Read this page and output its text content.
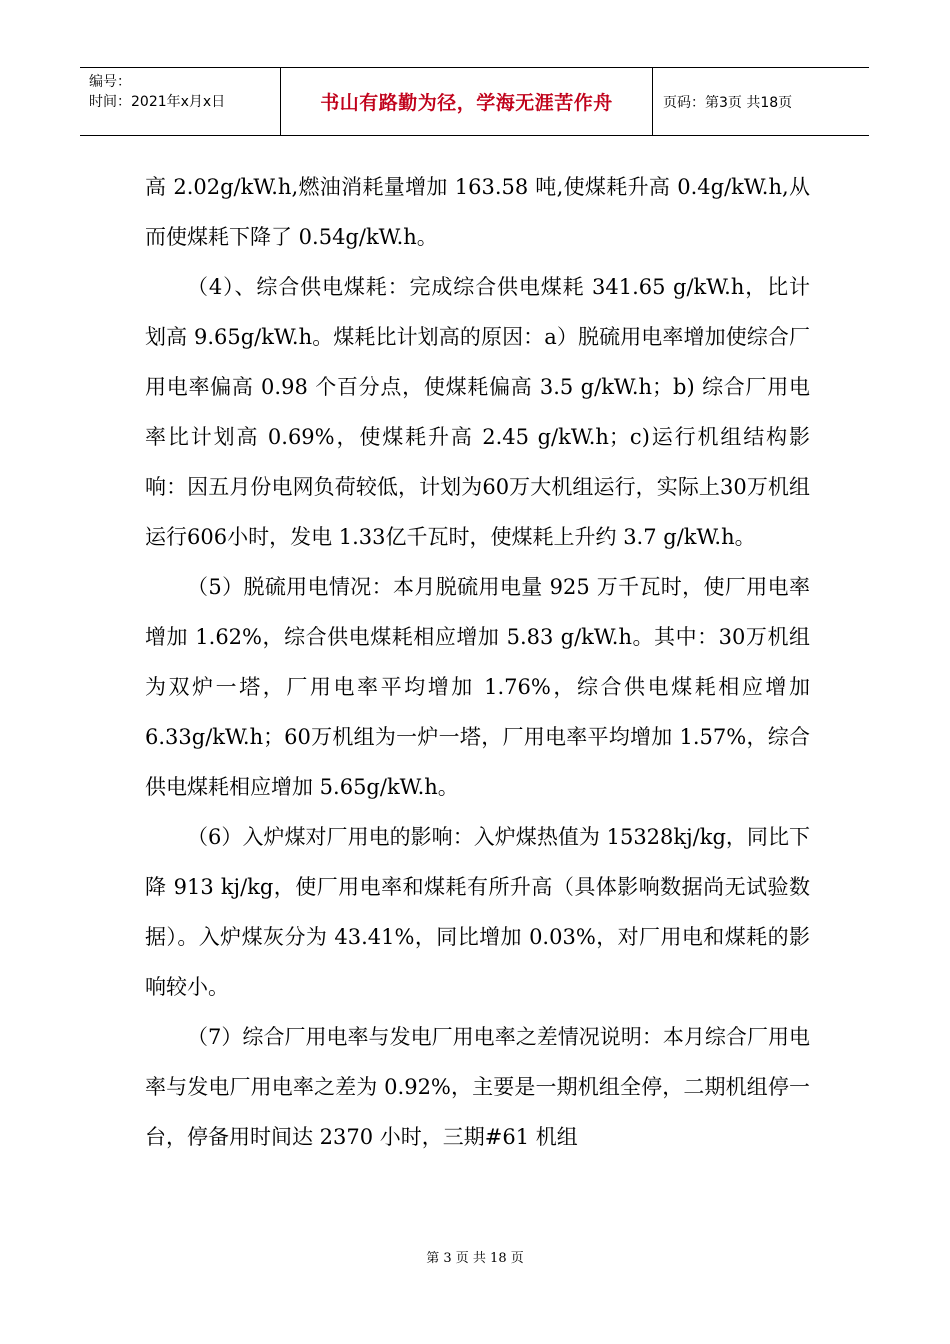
编号：
时间：2021年x月x日	书山有路勤为径，学海无涯苦作舟	页码：第3页 共18页

高 2.02g/kW.h,燃油消耗量增加 163.58 吨,使煤耗升高 0.4g/kW.h,从而使煤耗下降了 0.54g/kW.h。

（4）、综合供电煤耗：完成综合供电煤耗 341.65 g/kW.h，比计划高 9.65g/kW.h。煤耗比计划高的原因：a）脱硫用电率增加使综合厂用电率偏高 0.98 个百分点，使煤耗偏高 3.5 g/kW.h；b) 综合厂用电率比计划高 0.69%，使煤耗升高 2.45 g/kW.h；c)运行机组结构影响：因五月份电网负荷较低，计划为60万大机组运行，实际上30万机组运行606小时，发电 1.33亿千瓦时，使煤耗上升约 3.7 g/kW.h。

（5）脱硫用电情况：本月脱硫用电量 925 万千瓦时，使厂用电率增加 1.62%，综合供电煤耗相应增加 5.83 g/kW.h。其中：30万机组为双炉一塔，厂用电率平均增加 1.76%，综合供电煤耗相应增加 6.33g/kW.h；60万机组为一炉一塔，厂用电率平均增加 1.57%，综合供电煤耗相应增加 5.65g/kW.h。

（6）入炉煤对厂用电的影响：入炉煤热值为 15328kj/kg，同比下降 913 kj/kg，使厂用电率和煤耗有所升高（具体影响数据尚无试验数据）。入炉煤灰分为 43.41%，同比增加 0.03%，对厂用电和煤耗的影响较小。

（7）综合厂用电率与发电厂用电率之差情况说明：本月综合厂用电率与发电厂用电率之差为 0.92%，主要是一期机组全停，二期机组停一台，停备用时间达 2370 小时，三期#61 机组

第 3 页 共 18 页
